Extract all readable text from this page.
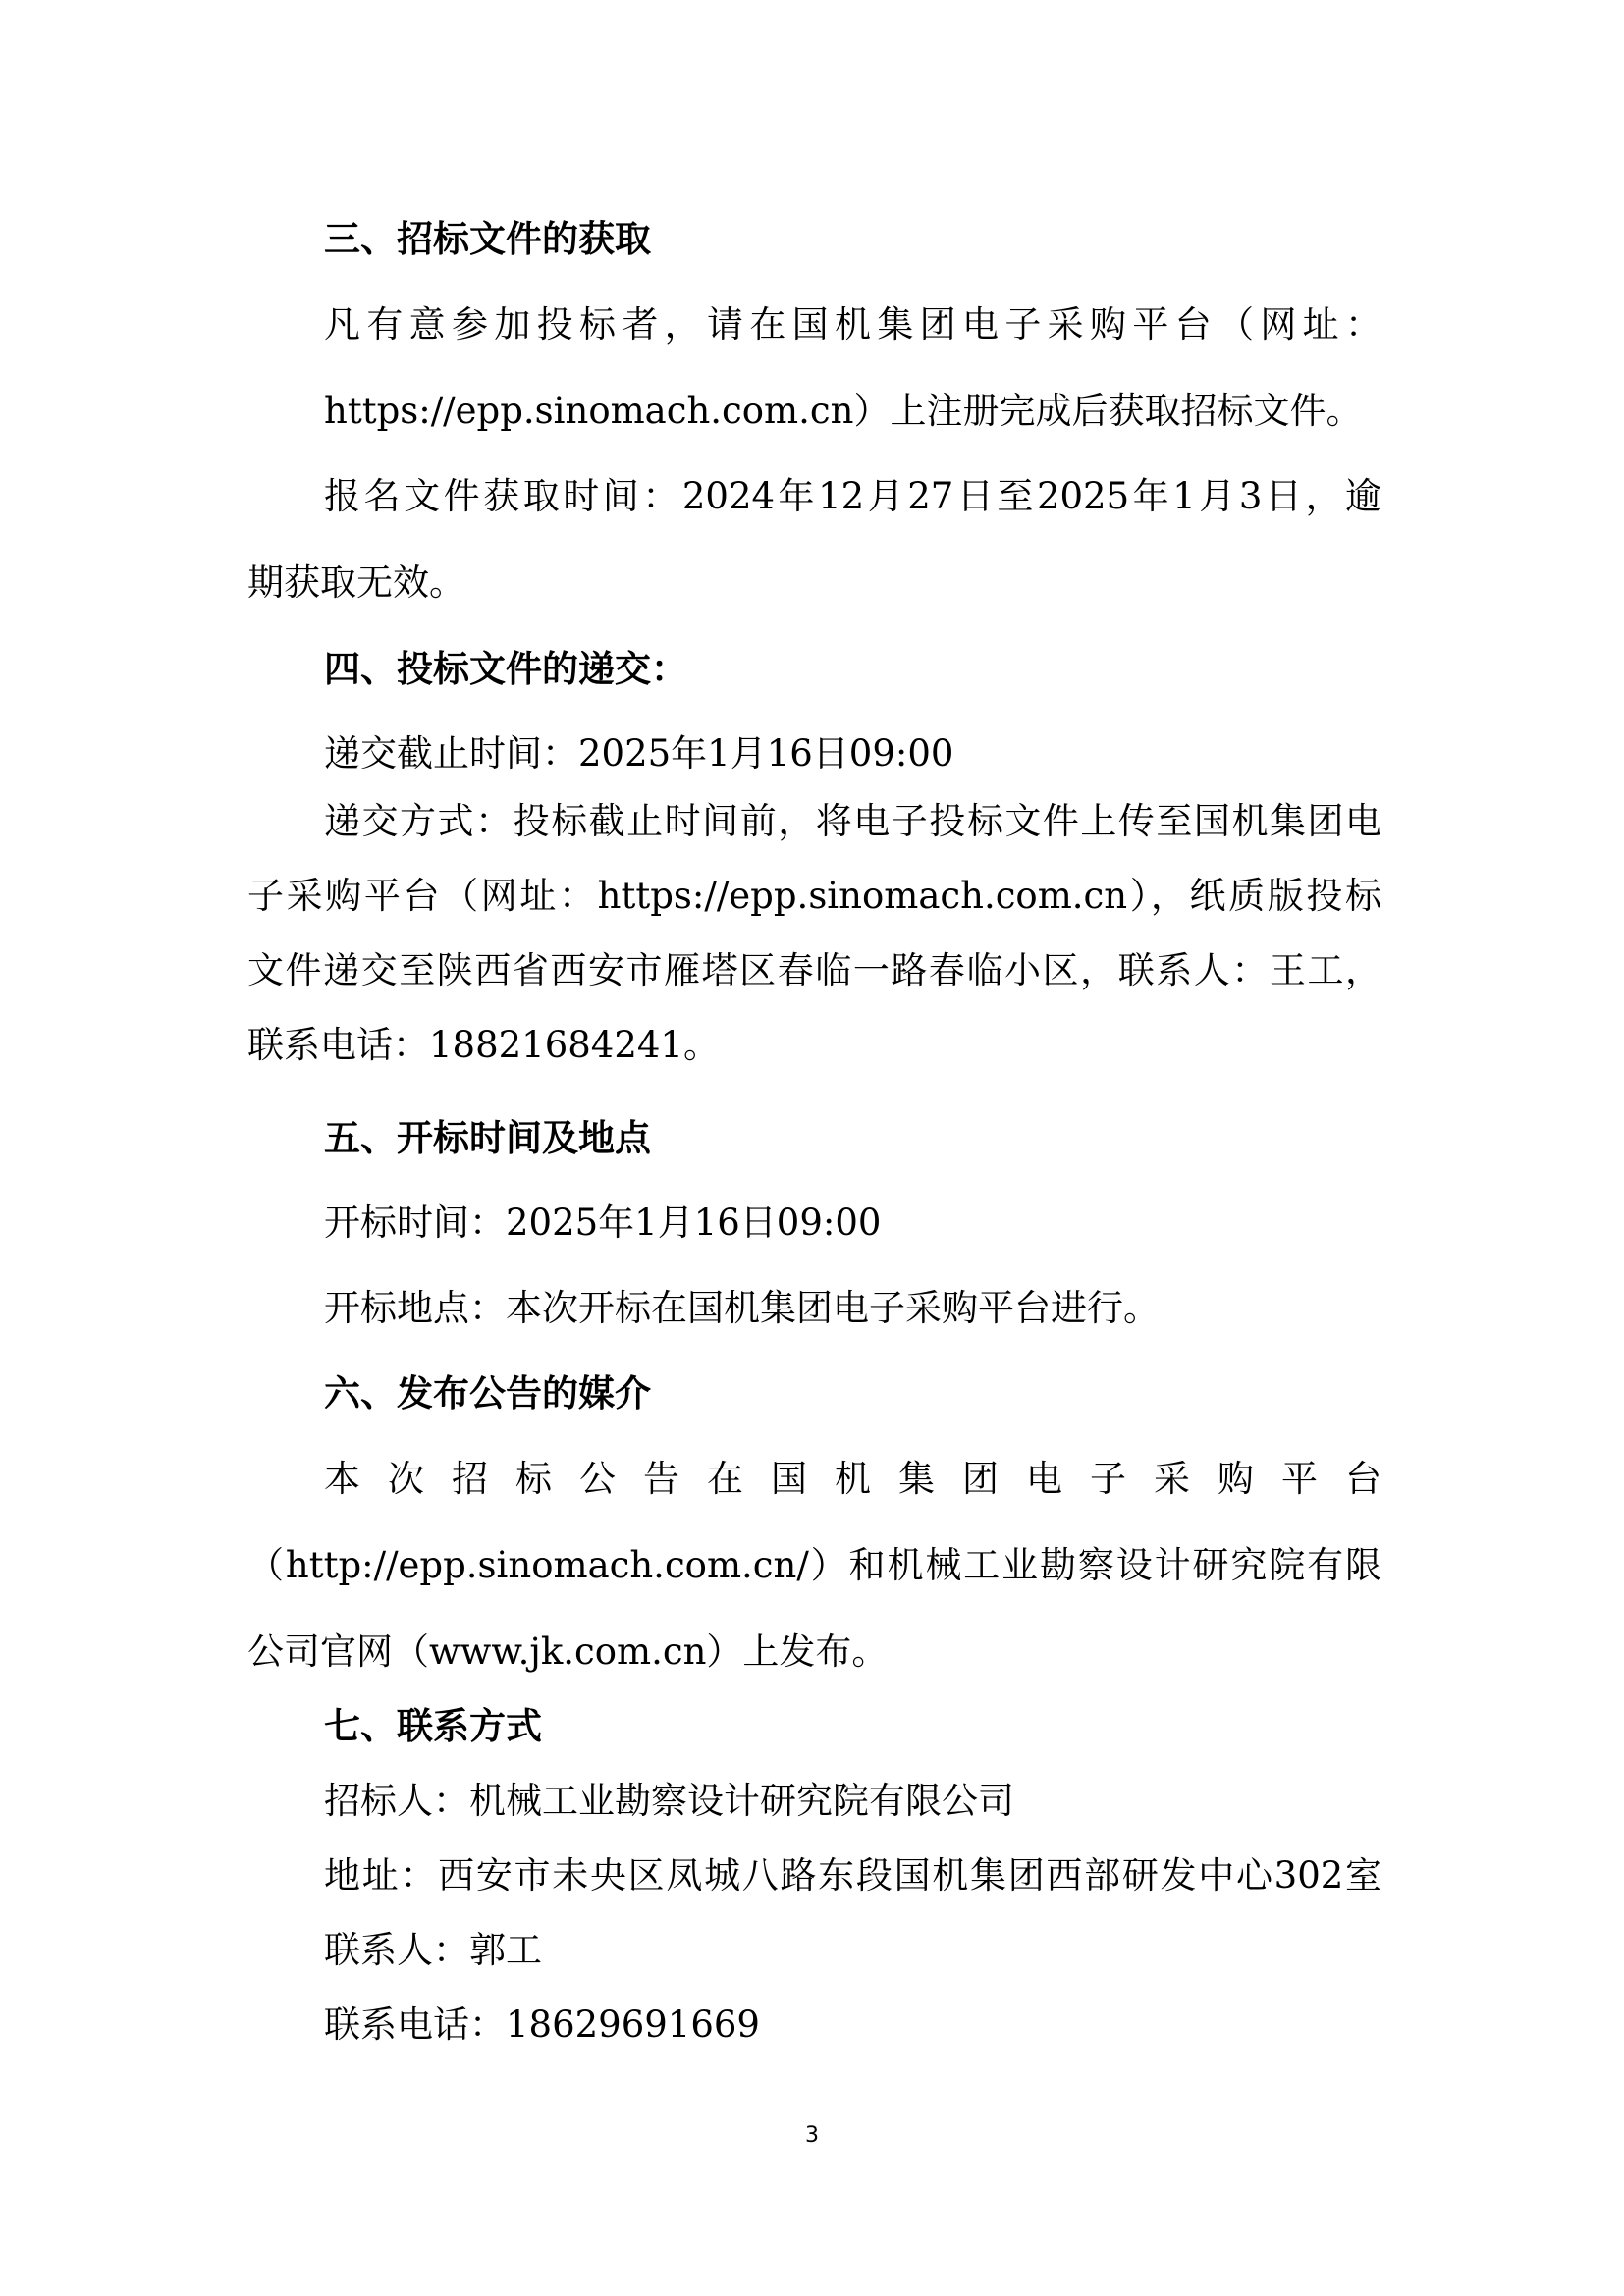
三、招标文件的获取
凡有意参加投标者，请在国机集团电子采购平台（网址：
https://epp.sinomach.com.cn）上注册完成后获取招标文件。
报名文件获取时间：2024年12月27日至2025年1月3日，逾
期获取无效。
四、投标文件的递交：
递交截止时间：2025年1月16日09:00
递交方式：投标截止时间前，将电子投标文件上传至国机集团电
子采购平台（网址：https://epp.sinomach.com.cn），纸质版投标
文件递交至陕西省西安市雁塔区春临一路春临小区，联系人：王工，
联系电话：18821684241。
五、开标时间及地点
开标时间：2025年1月16日09:00
开标地点：本次开标在国机集团电子采购平台进行。
六、发布公告的媒介
本次招标公告在国机集团电子采购平台
（http://epp.sinomach.com.cn/）和机械工业勘察设计研究院有限
公司官网（www.jk.com.cn）上发布。
七、联系方式
招标人：机械工业勘察设计研究院有限公司
地址：西安市未央区凤城八路东段国机集团西部研发中心302室
联系人：郭工
联系电话：18629691669
3
